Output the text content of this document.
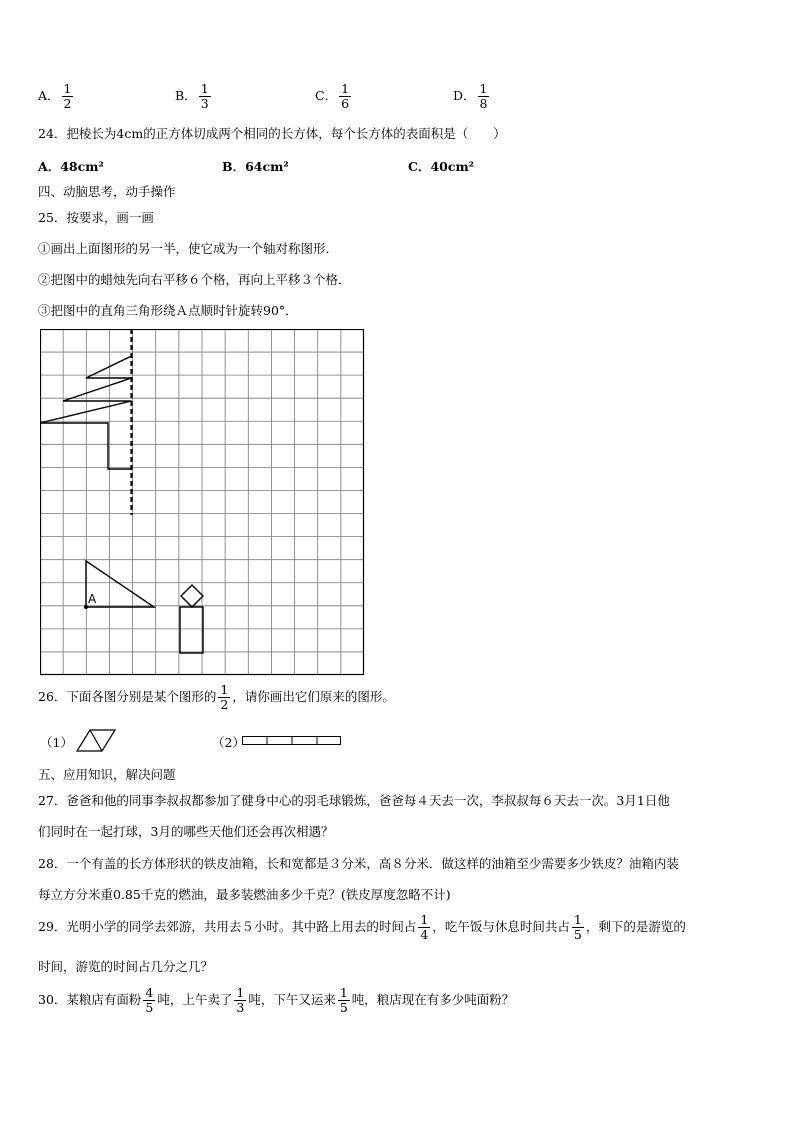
A． $\frac{1}{2}$	B． $\frac{1}{3}$	C． $\frac{1}{6}$	D． $\frac{1}{8}$
24．把棱长为4cm的正方体切成两个相同的长方体，每个长方体的表面积是（　　）
A．48cm²	B．64cm²	C．40cm²
四、动脑思考，动手操作
25．按要求，画一画
①画出上面图形的另一半，使它成为一个轴对称图形．
②把图中的蜡烛先向右平移６个格，再向上平移３个格．
③把图中的直角三角形绕Ａ点顺时针旋转90°．
A
26．下面各图分别是某个图形的 $\frac{1}{2}$ ，请你画出它们原来的图形。
（1）	（2）
五、应用知识，解决问题
27．爸爸和他的同事李叔叔都参加了健身中心的羽毛球锻炼，爸爸每４天去一次，李叔叔每６天去一次。3月1日他
们同时在一起打球，3月的哪些天他们还会再次相遇？
28．一个有盖的长方体形状的铁皮油箱，长和宽都是３分米，高８分米．做这样的油箱至少需要多少铁皮？油箱内装
每立方分米重0.85千克的燃油，最多装燃油多少千克？(铁皮厚度忽略不计)
29．光明小学的同学去郊游，共用去５小时。其中路上用去的时间占 $\frac{1}{4}$ ，吃午饭与休息时间共占 $\frac{1}{5}$ ，剩下的是游览的
时间，游览的时间占几分之几？
30．某粮店有面粉 $\frac{4}{5}$ 吨，上午卖了 $\frac{1}{3}$ 吨，下午又运来 $\frac{1}{5}$ 吨，粮店现在有多少吨面粉？
